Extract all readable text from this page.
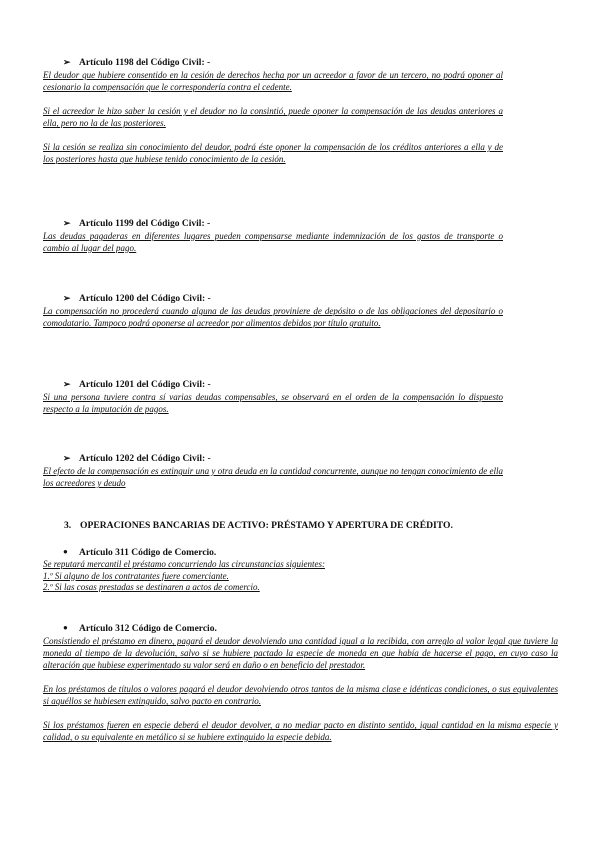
➢ Artículo 1198 del Código Civil: -

El deudor que hubiere consentido en la cesión de derechos hecha por un acreedor a favor de un tercero, no podrá oponer al cesionario la compensación que le correspondería contra el cedente.

Si el acreedor le hizo saber la cesión y el deudor no la consintió, puede oponer la compensación de las deudas anteriores a ella, pero no la de las posteriores.

Si la cesión se realiza sin conocimiento del deudor, podrá éste oponer la compensación de los créditos anteriores a ella y de los posteriores hasta que hubiese tenido conocimiento de la cesión.

➢ Artículo 1199 del Código Civil: -

Las deudas pagaderas en diferentes lugares pueden compensarse mediante indemnización de los gastos de transporte o cambio al lugar del pago.

➢ Artículo 1200 del Código Civil: -

La compensación no procederá cuando alguna de las deudas proviniere de depósito o de las obligaciones del depositario o comodatario. Tampoco podrá oponerse al acreedor por alimentos debidos por título gratuito.

➢ Artículo 1201 del Código Civil: -

Si una persona tuviere contra sí varias deudas compensables, se observará en el orden de la compensación lo dispuesto respecto a la imputación de pagos.

➢ Artículo 1202 del Código Civil: -

El efecto de la compensación es extinguir una y otra deuda en la cantidad concurrente, aunque no tengan conocimiento de ella los acreedores y deudo

3. OPERACIONES BANCARIAS DE ACTIVO: PRÉSTAMO Y APERTURA DE CRÉDITO.
● Artículo 311 Código de Comercio.

Se reputará mercantil el préstamo concurriendo las circunstancias siguientes:

1.º Si alguno de los contratantes fuere comerciante.

2.º Si las cosas prestadas se destinaren a actos de comercio.

● Artículo 312 Código de Comercio.

Consistiendo el préstamo en dinero, pagará el deudor devolviendo una cantidad igual a la recibida, con arreglo al valor legal que tuviere la moneda al tiempo de la devolución, salvo si se hubiere pactado la especie de moneda en que había de hacerse el pago, en cuyo caso la alteración que hubiese experimentado su valor será en daño o en beneficio del prestador.

En los préstamos de títulos o valores pagará el deudor devolviendo otros tantos de la misma clase e idénticas condiciones, o sus equivalentes si aquéllos se hubiesen extinguido, salvo pacto en contrario.

Si los préstamos fueren en especie deberá el deudor devolver, a no mediar pacto en distinto sentido, igual cantidad en la misma especie y calidad, o su equivalente en metálico si se hubiere extinguido la especie debida.
